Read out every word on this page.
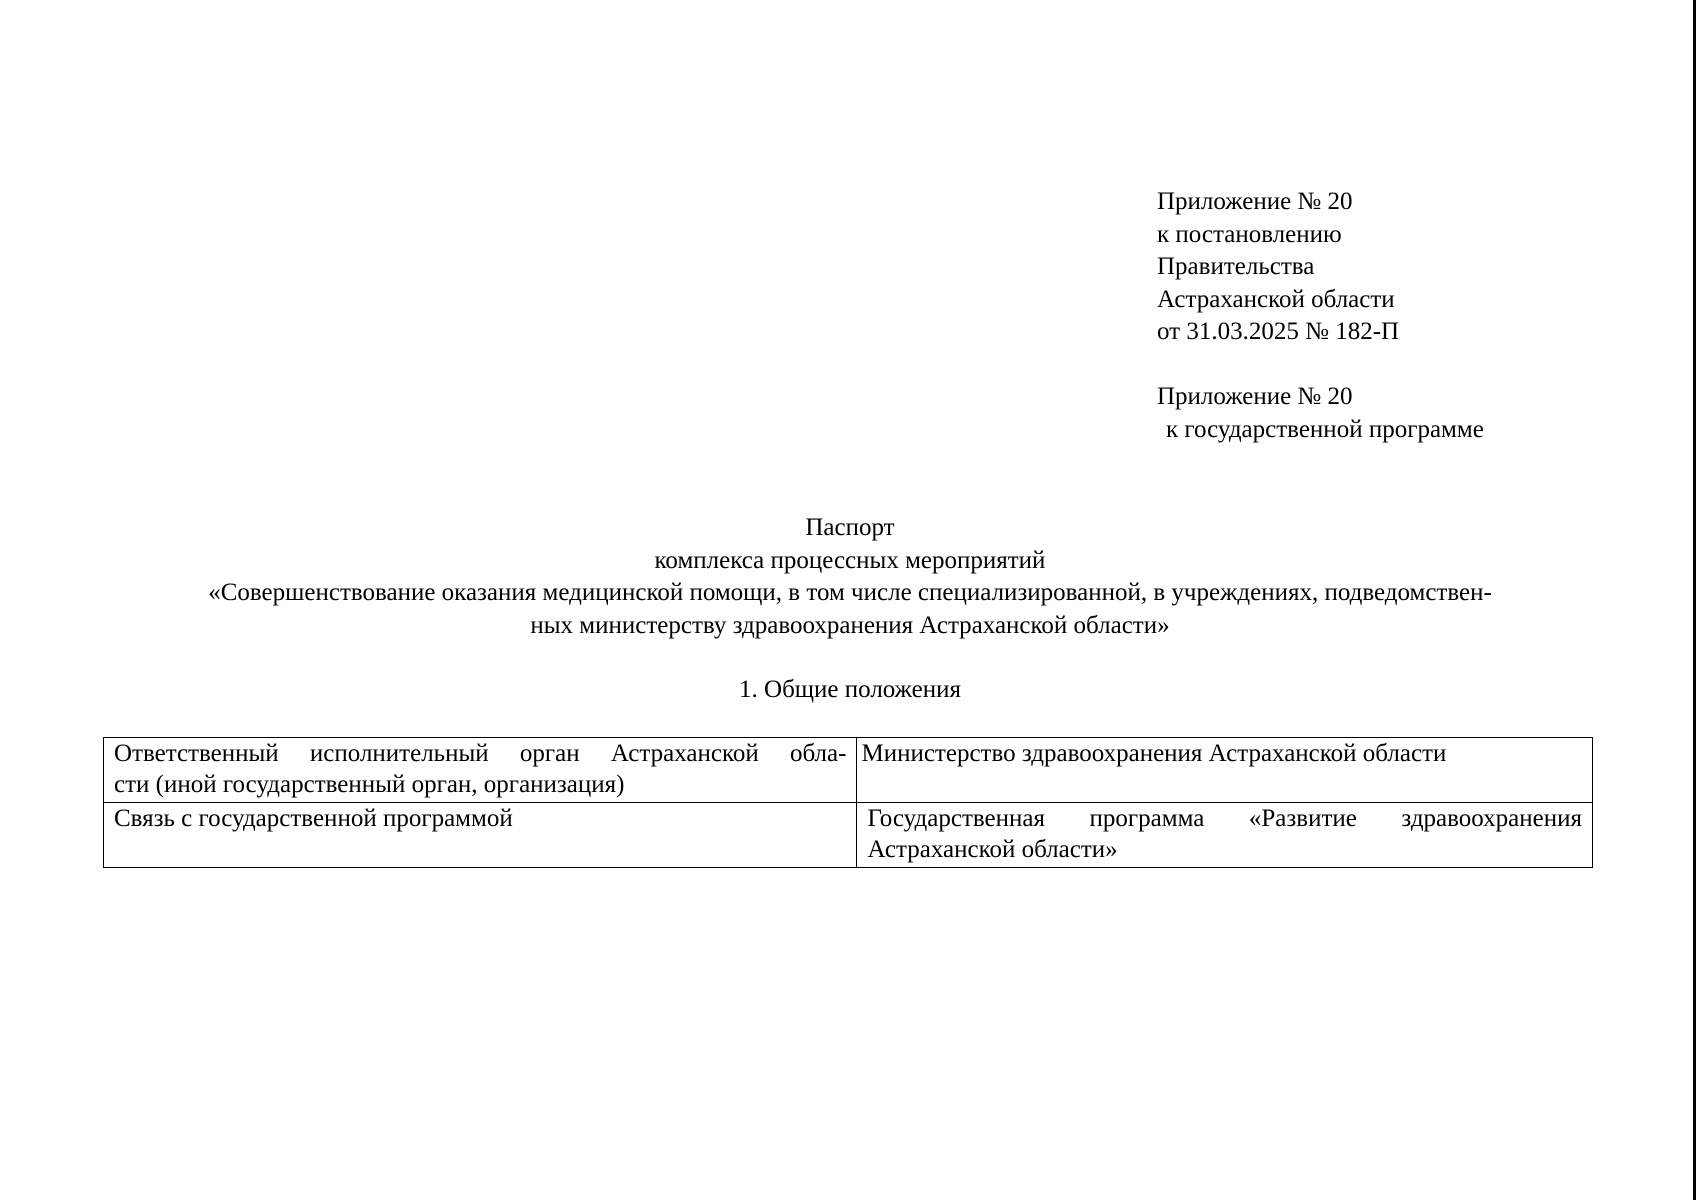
Приложение № 20
к постановлению
Правительства
Астраханской области
от 31.03.2025 № 182-П
Приложение № 20
к государственной программе
Паспорт
комплекса процессных мероприятий
«Совершенствование оказания медицинской помощи, в том числе специализированной, в учреждениях, подведомствен-
ных министерству здравоохранения Астраханской области»
1. Общие положения
Ответственный исполнительный орган Астраханской обла-
сти (иной государственный орган, организация)	Министерство здравоохранения Астраханской области

Связь с государственной программой	Государственная программа «Развитие здравоохранения
Астраханской области»
